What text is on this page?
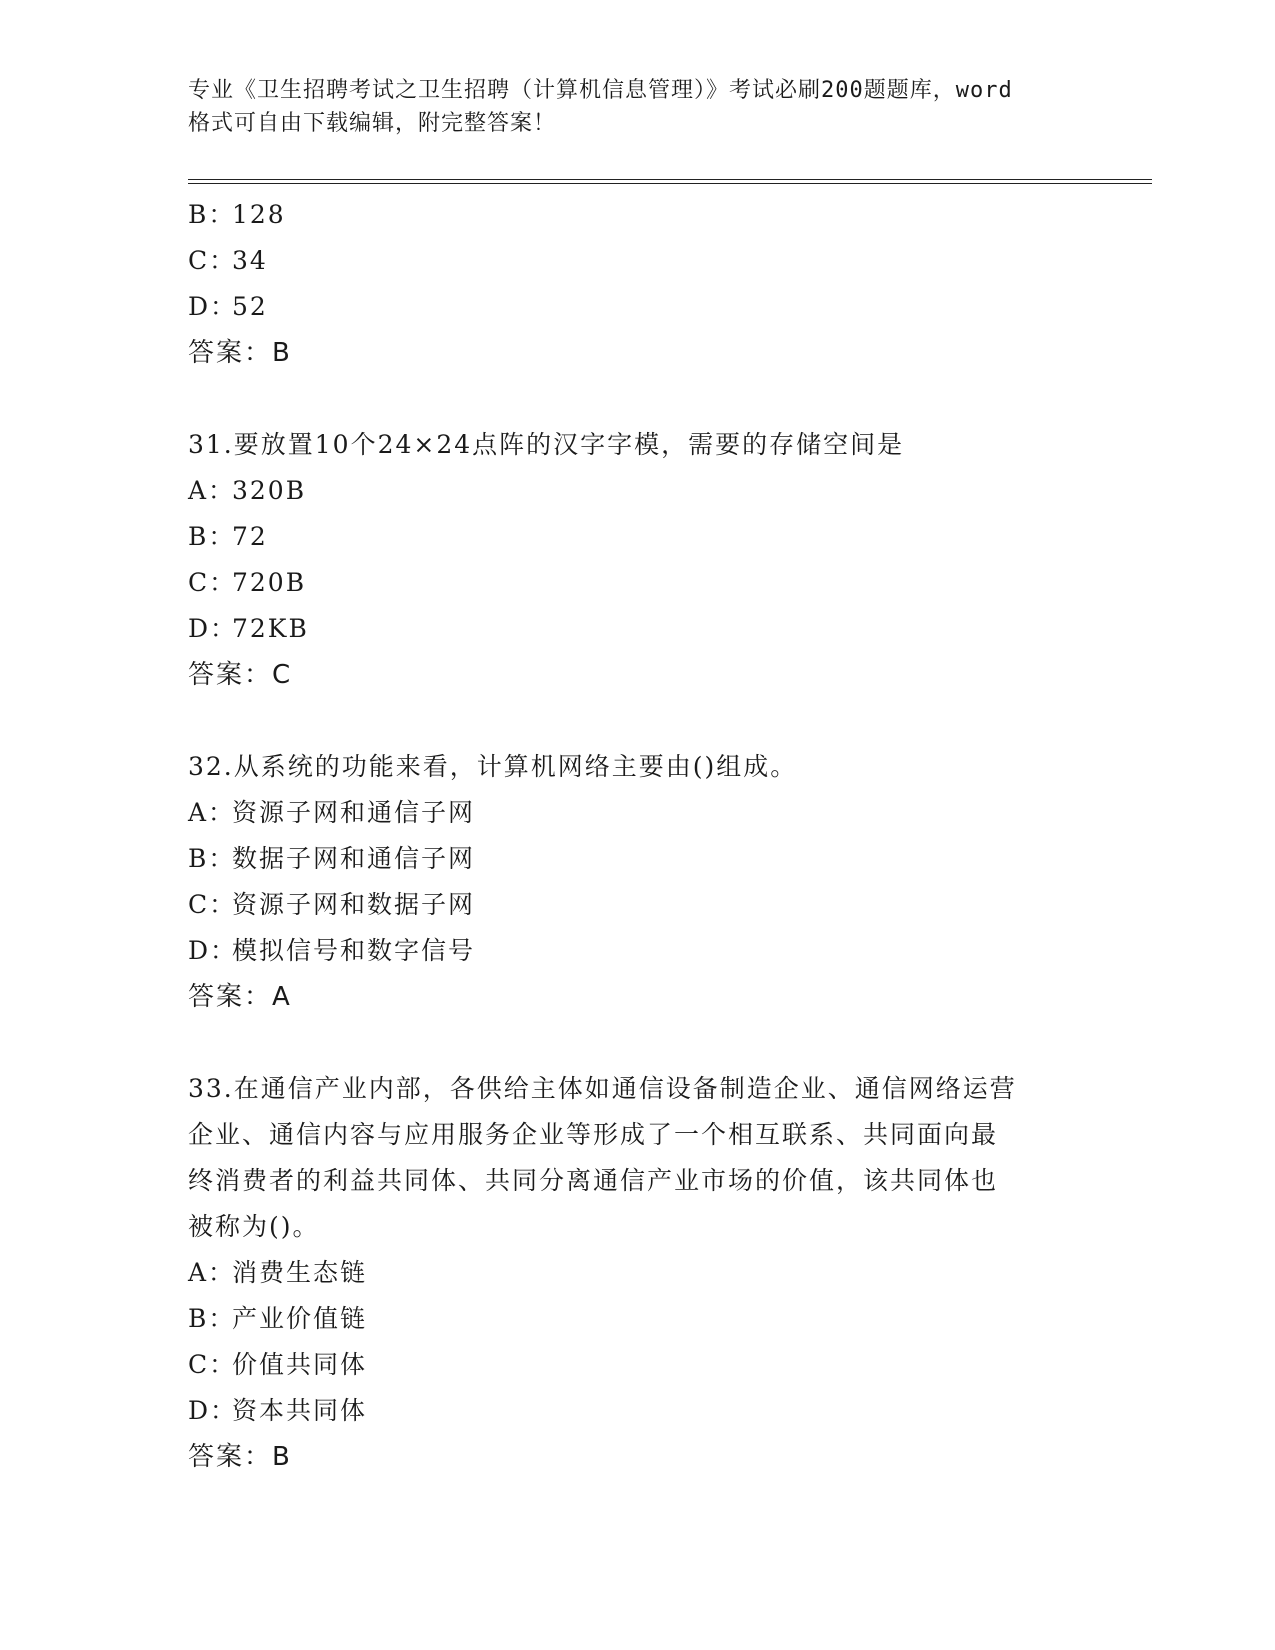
专业《卫生招聘考试之卫生招聘（计算机信息管理）》考试必刷200题题库，word
格式可自由下载编辑，附完整答案！
B：128
C：34
D：52
答案：B
31.要放置10个24×24点阵的汉字字模，需要的存储空间是
A：320B
B：72
C：720B
D：72KB
答案：C
32.从系统的功能来看，计算机网络主要由()组成。
A：资源子网和通信子网
B：数据子网和通信子网
C：资源子网和数据子网
D：模拟信号和数字信号
答案：A
33.在通信产业内部，各供给主体如通信设备制造企业、通信网络运营
企业、通信内容与应用服务企业等形成了一个相互联系、共同面向最
终消费者的利益共同体、共同分离通信产业市场的价值，该共同体也
被称为()。
A：消费生态链
B：产业价值链
C：价值共同体
D：资本共同体
答案：B
